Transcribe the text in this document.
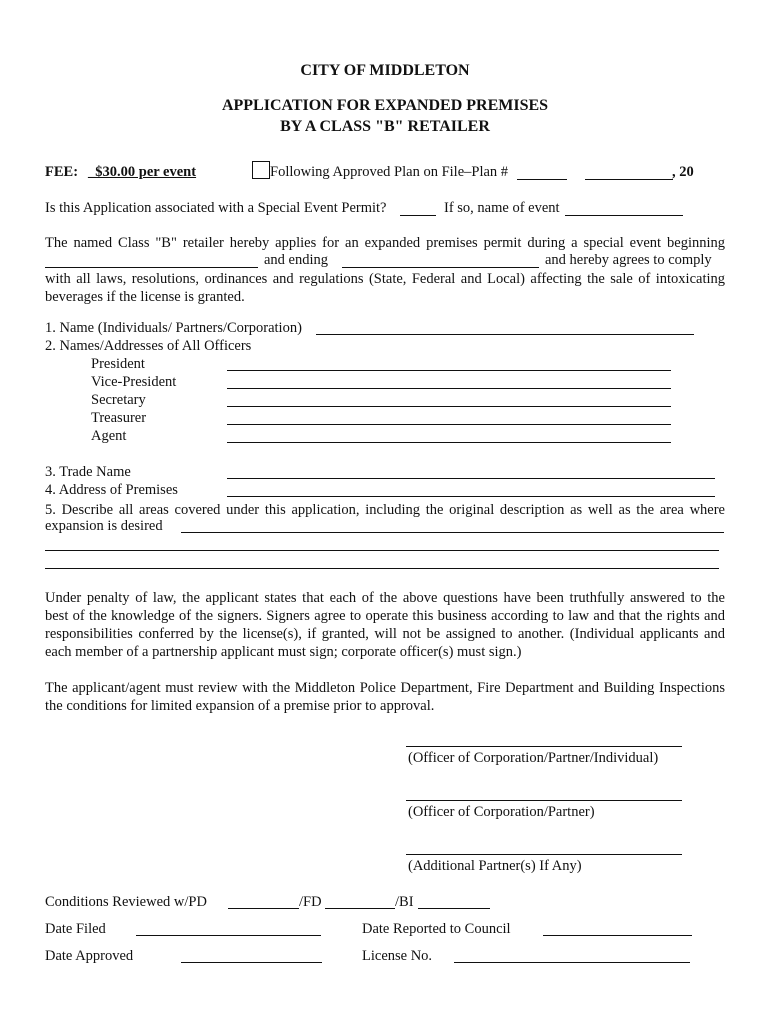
CITY OF MIDDLETON
APPLICATION FOR EXPANDED PREMISES
BY A CLASS "B" RETAILER
FEE: _$30.00 per event	Following Approved Plan on File–Plan #	, 20
Is this Application associated with a Special Event Permit?	If so, name of event

The named Class "B" retailer hereby applies for an expanded premises permit during a special event beginning

and ending	and hereby agrees to comply

with all laws, resolutions, ordinances and regulations (State, Federal and Local) affecting the sale of intoxicating

beverages if the license is granted.

1. Name (Individuals/ Partners/Corporation)
2. Names/Addresses of All Officers
President
Vice-President
Secretary
Treasurer
Agent
3. Trade Name
4. Address of Premises

5. Describe all areas covered under this application, including the original description as well as the area where

expansion is desired

Under penalty of law, the applicant states that each of the above questions have been truthfully answered to the

best of the knowledge of the signers. Signers agree to operate this business according to law and that the rights and

responsibilities conferred by the license(s), if granted, will not be assigned to another. (Individual applicants and

each member of a partnership applicant must sign; corporate officer(s) must sign.)

The applicant/agent must review with the Middleton Police Department, Fire Department and Building Inspections

the conditions for limited expansion of a premise prior to approval.

(Officer of Corporation/Partner/Individual)
(Officer of Corporation/Partner)
(Additional Partner(s) If Any)
Conditions Reviewed w/PD	/FD	/BI
Date Filed	Date Reported to Council
Date Approved	License No.
